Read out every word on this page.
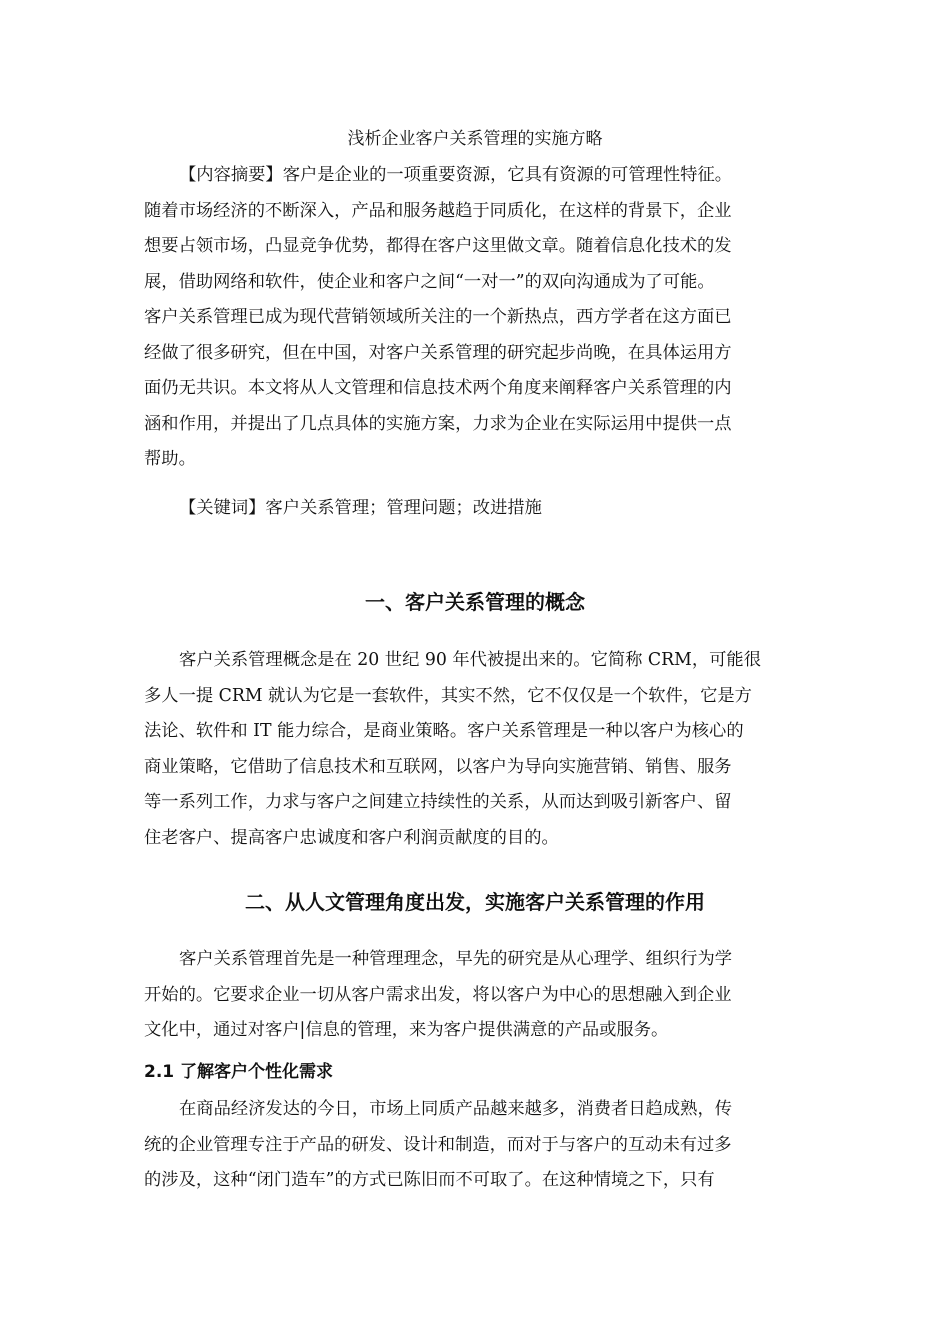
浅析企业客户关系管理的实施方略
【内容摘要】客户是企业的一项重要资源，它具有资源的可管理性特征。
随着市场经济的不断深入，产品和服务越趋于同质化，在这样的背景下，企业
想要占领市场，凸显竞争优势，都得在客户这里做文章。随着信息化技术的发
展，借助网络和软件，使企业和客户之间“一对一”的双向沟通成为了可能。
客户关系管理已成为现代营销领域所关注的一个新热点，西方学者在这方面已
经做了很多研究，但在中国，对客户关系管理的研究起步尚晚，在具体运用方
面仍无共识。本文将从人文管理和信息技术两个角度来阐释客户关系管理的内
涵和作用，并提出了几点具体的实施方案，力求为企业在实际运用中提供一点
帮助。
【关键词】客户关系管理；管理问题；改进措施
一、客户关系管理的概念
客户关系管理概念是在 20 世纪 90 年代被提出来的。它简称 CRM，可能很
多人一提 CRM 就认为它是一套软件，其实不然，它不仅仅是一个软件，它是方
法论、软件和 IT 能力综合，是商业策略。客户关系管理是一种以客户为核心的
商业策略，它借助了信息技术和互联网，以客户为导向实施营销、销售、服务
等一系列工作，力求与客户之间建立持续性的关系，从而达到吸引新客户、留
住老客户、提高客户忠诚度和客户利润贡献度的目的。
二、从人文管理角度出发，实施客户关系管理的作用
客户关系管理首先是一种管理理念，早先的研究是从心理学、组织行为学
开始的。它要求企业一切从客户需求出发，将以客户为中心的思想融入到企业
文化中，通过对客户|信息的管理，来为客户提供满意的产品或服务。
2.1 了解客户个性化需求
在商品经济发达的今日，市场上同质产品越来越多，消费者日趋成熟，传
统的企业管理专注于产品的研发、设计和制造，而对于与客户的互动未有过多
的涉及，这种“闭门造车”的方式已陈旧而不可取了。在这种情境之下，只有
